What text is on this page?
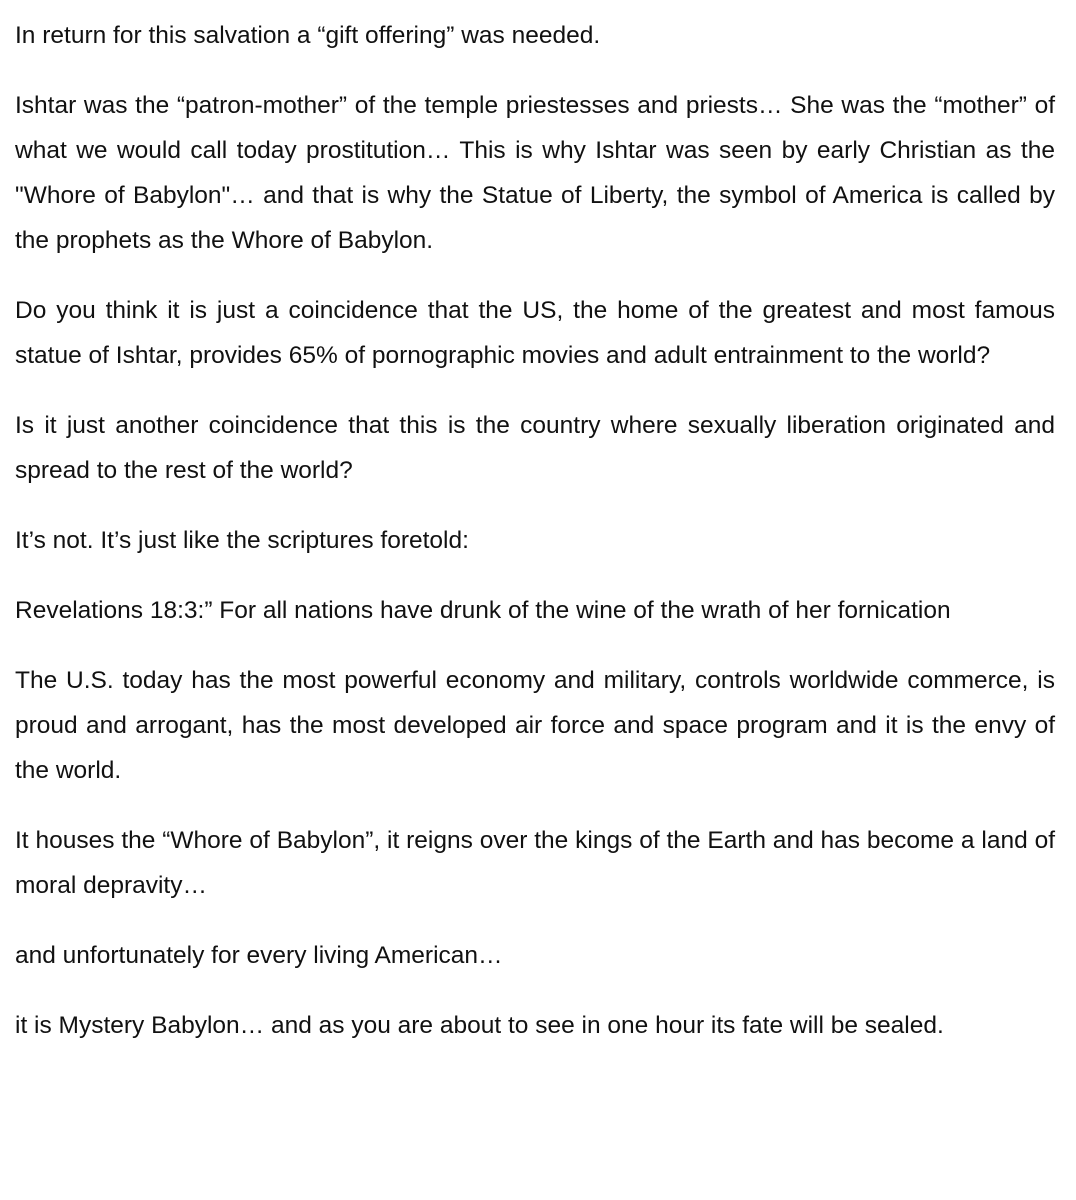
In return for this salvation a “gift offering” was needed.

Ishtar was the “patron-mother” of the temple priestesses and priests… She was the “mother” of what we would call today prostitution… This is why Ishtar was seen by early Christian as the "Whore of Babylon"… and that is why the Statue of Liberty, the symbol of America is called by the prophets as the Whore of Babylon.

Do you think it is just a coincidence that the US, the home of the greatest and most famous statue of Ishtar, provides 65% of pornographic movies and adult entrainment to the world?

Is it just another coincidence that this is the country where sexually liberation originated and spread to the rest of the world?

It’s not. It’s just like the scriptures foretold:

Revelations 18:3:” For all nations have drunk of the wine of the wrath of her fornication

The U.S. today has the most powerful economy and military, controls worldwide commerce, is proud and arrogant, has the most developed air force and space program and it is the envy of the world.

It houses the “Whore of Babylon”, it reigns over the kings of the Earth and has become a land of moral depravity…

and unfortunately for every living American…

it is Mystery Babylon… and as you are about to see in one hour its fate will be sealed.
